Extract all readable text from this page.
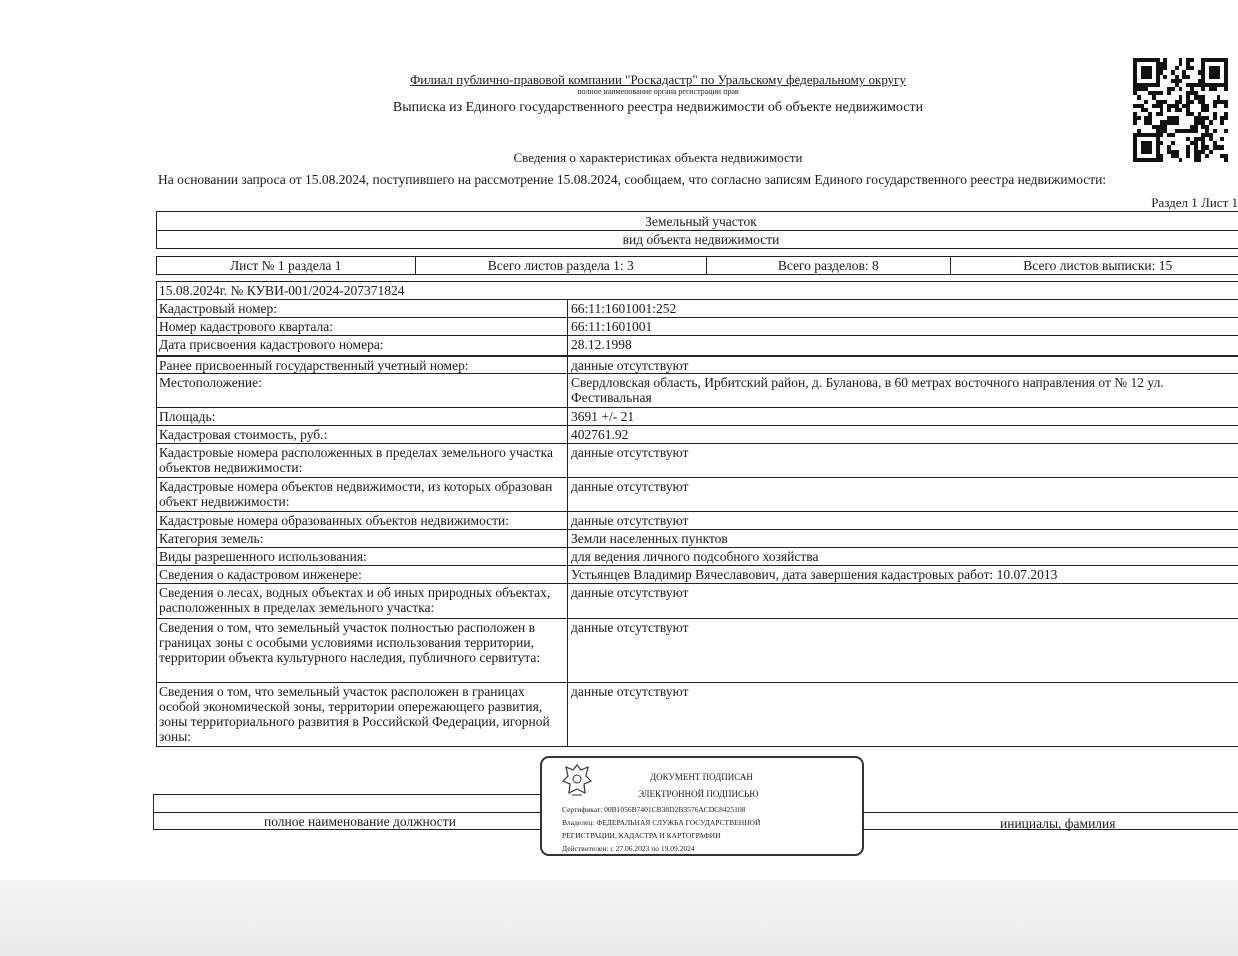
Филиал публично-правовой компании "Роскадастр" по Уральскому федеральному округу
полное наименование органа регистрации прав
Выписка из Единого государственного реестра недвижимости об объекте недвижимости
Сведения о характеристиках объекта недвижимости
На основании запроса от 15.08.2024, поступившего на рассмотрение 15.08.2024, сообщаем, что согласно записям Единого государственного реестра недвижимости:
Раздел 1 Лист 1
Земельный участок
вид объекта недвижимости
Лист № 1 раздела 1	Всего листов раздела 1: 3	Всего разделов: 8	Всего листов выписки: 15
15.08.2024г. № КУВИ-001/2024-207371824
Кадастровый номер:	66:11:1601001:252
Номер кадастрового квартала:	66:11:1601001
Дата присвоения кадастрового номера:	28.12.1998
Ранее присвоенный государственный учетный номер:	данные отсутствуют
Местоположение:	Свердловская область, Ирбитский район, д. Буланова, в 60 метрах восточного направления от № 12 ул. Фестивальная
Площадь:	3691 +/- 21
Кадастровая стоимость, руб.:	402761.92
Кадастровые номера расположенных в пределах земельного участка объектов недвижимости:
данные отсутствуют
Кадастровые номера объектов недвижимости, из которых образован объект недвижимости:
данные отсутствуют
Кадастровые номера образованных объектов недвижимости:	данные отсутствуют
Категория земель:	Земли населенных пунктов
Виды разрешенного использования:	для ведения личного подсобного хозяйства
Сведения о кадастровом инженере:	Устьянцев Владимир Вячеславович, дата завершения кадастровых работ: 10.07.2013
Сведения о лесах, водных объектах и об иных природных объектах, расположенных в пределах земельного участка:
данные отсутствуют
Сведения о том, что земельный участок полностью расположен в границах зоны с особыми условиями использования территории, территории объекта культурного наследия, публичного сервитута:
данные отсутствуют
Сведения о том, что земельный участок расположен в границах особой экономической зоны, территории опережающего развития, зоны территориального развития в Российской Федерации, игорной зоны:
данные отсутствуют
ДОКУМЕНТ ПОДПИСАН
ЭЛЕКТРОННОЙ ПОДПИСЬЮ
Сертификат: 00B1056B7401CB38D2B3576ACDC8425108
Владелец: ФЕДЕРАЛЬНАЯ СЛУЖБА ГОСУДАРСТВЕННОЙ
РЕГИСТРАЦИИ, КАДАСТРА И КАРТОГРАФИИ
Действителен: с 27.06.2023 по 19.09.2024
полное наименование должности	инициалы, фамилия
